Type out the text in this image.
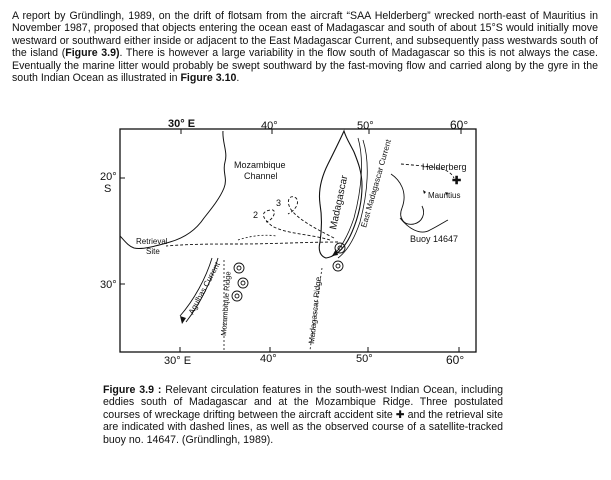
A report by Gründlingh, 1989, on the drift of flotsam from the aircraft “SAA Helderberg” wrecked north-east of Mauritius in November 1987, proposed that objects entering the ocean east of Madagascar and south of about 15°S would initially move westward or southward either inside or adjacent to the East Madagascar Current, and subsequently pass westwards south of the island (Figure 3.9). There is however a large variability in the flow south of Madagascar so this is not always the case. Eventually the marine litter would probably be swept southward by the fast-moving flow and carried along by the gyre in the south Indian Ocean as illustrated in Figure 3.10.
30° E	40°	50°	60°
30° E	40°	50°	60°
20°
S
30°
✚
Mozambique
Channel
Helderberg
Mauritius
Retrieval
Site
Buoy 14647
3
2	Madagascar East Madagascar Current
Agulhas Current
Mozambique Ridge	Madagascar Ridge
Figure 3.9 : Relevant circulation features in the south-west Indian Ocean, including eddies south of Madagascar and at the Mozambique Ridge. Three postulated courses of wreckage drifting between the aircraft accident site ✚ and the retrieval site are indicated with dashed lines, as well as the observed course of a satellite-tracked buoy no. 14647. (Gründlingh, 1989).
